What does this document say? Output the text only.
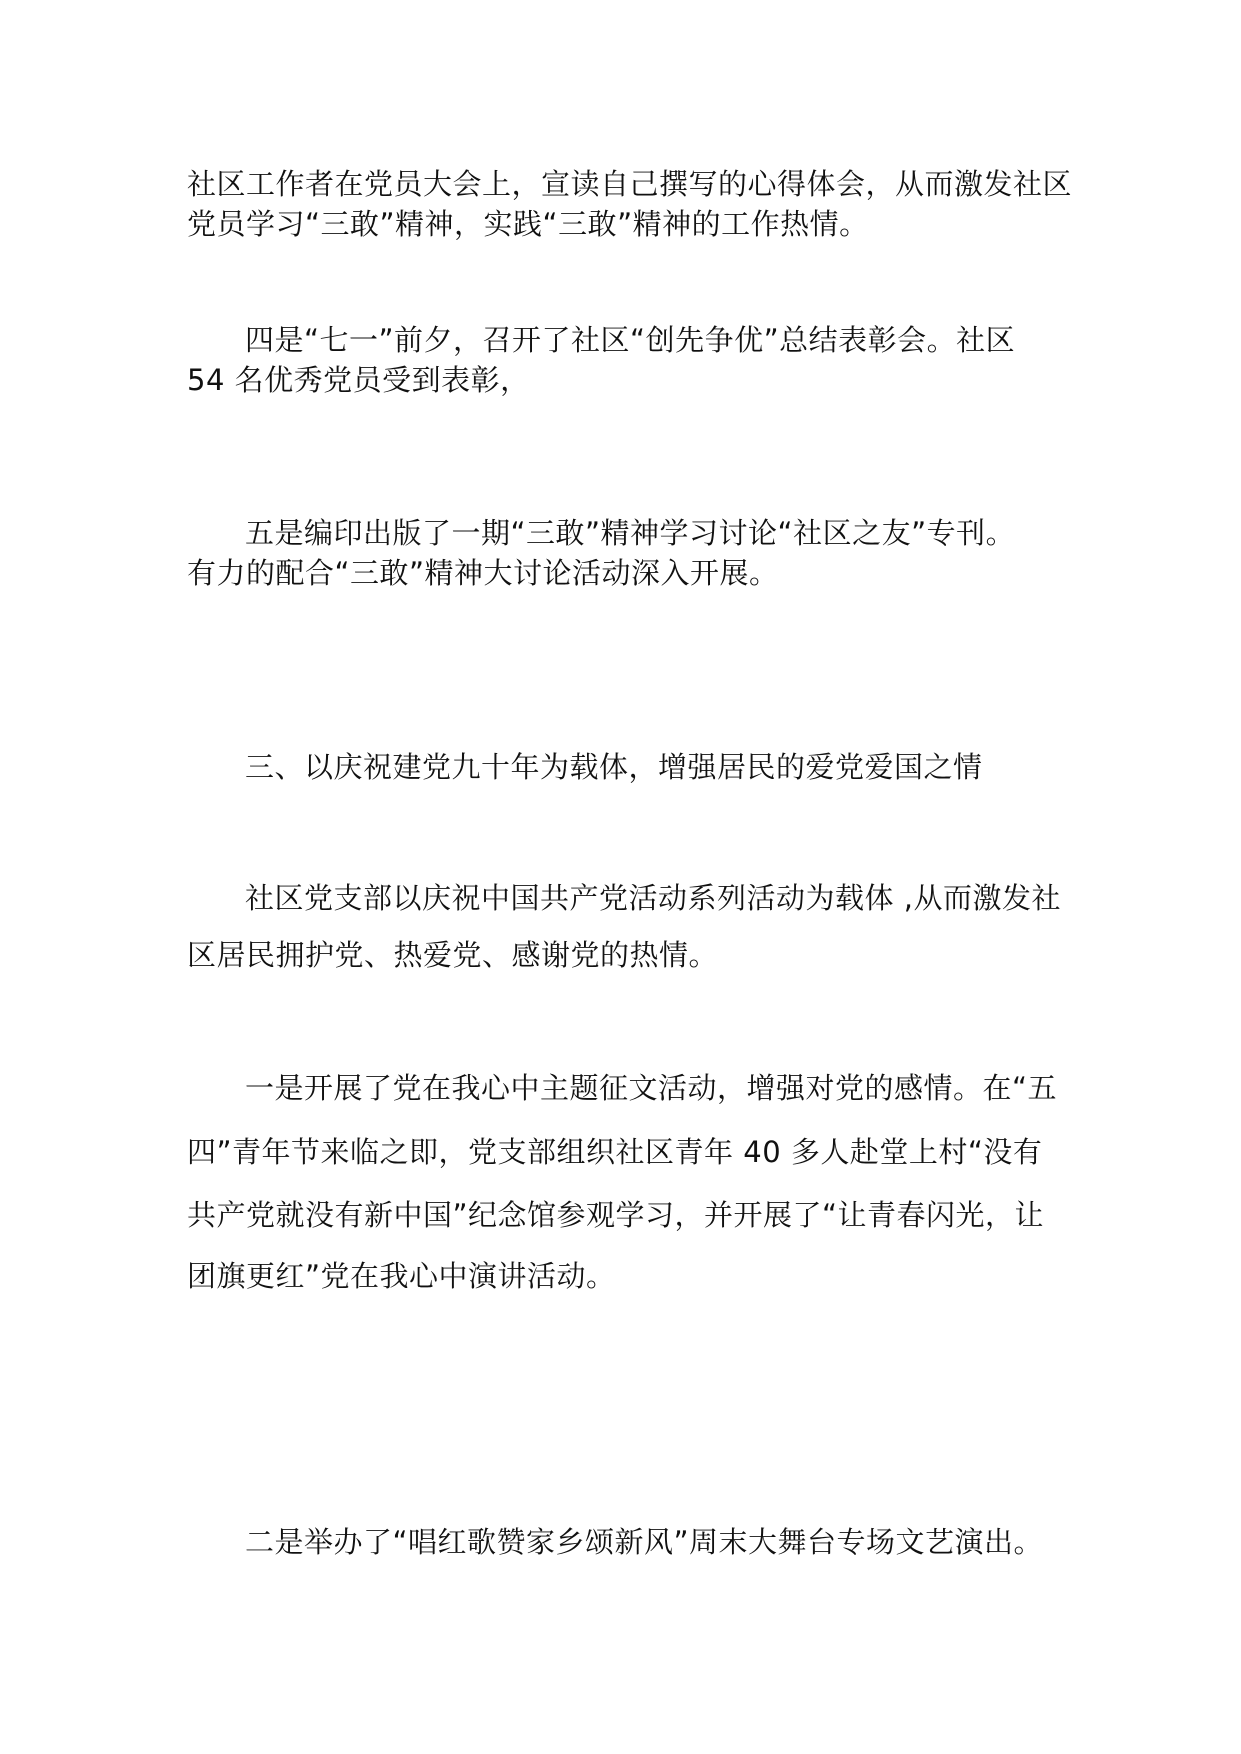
社区工作者在党员大会上，宣读自己撰写的心得体会，从而激发社区
党员学习“三敢”精神，实践“三敢”精神的工作热情。
四是“七一”前夕，召开了社区“创先争优”总结表彰会。社区
54 名优秀党员受到表彰，
五是编印出版了一期“三敢”精神学习讨论“社区之友”专刊。
有力的配合“三敢”精神大讨论活动深入开展。
三、以庆祝建党九十年为载体，增强居民的爱党爱国之情
社区党支部以庆祝中国共产党活动系列活动为载体 ,从而激发社
区居民拥护党、热爱党、感谢党的热情。
一是开展了党在我心中主题征文活动，增强对党的感情。在“五
四”青年节来临之即，党支部组织社区青年 40 多人赴堂上村“没有
共产党就没有新中国”纪念馆参观学习，并开展了“让青春闪光，让
团旗更红”党在我心中演讲活动。
二是举办了“唱红歌赞家乡颂新风”周末大舞台专场文艺演出。
